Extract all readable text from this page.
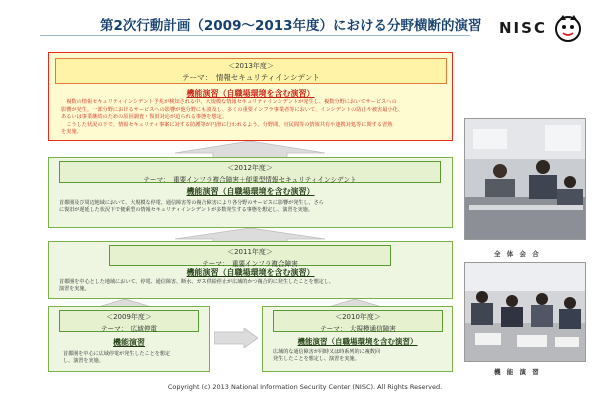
第2次行動計画（2009～2013年度）における分野横断的演習 NISC
＜2013年度＞
テーマ：　情報セキュリティインシデント
機能演習（自職場環境を含む演習）
　複数の情報セキュリティインシデント予兆が検知される中、大規模な情報セキュリティインシデントが発生し、複数分野においてサービスへの
影響が発生。一部分野におけるサービスへの影響が他分野にも波及し、多くの重要インフラ事業者等において、インシデントの防止や被害最小化、
あるいは事業継続のための原因調査・復旧対応が迫られる事態を想定。
　こうした状況の下で、情報セキュリティ事案に対する防護等が円滑に行われるよう、分野間、官民間等の情報共有や連携対処等に関する習熟
を実施。
＜2012年度＞
テーマ：　重要インフラ複合障害＋便乗型情報セキュリティインシデント
機能演習（自職場環境を含む演習）
首都圏及び周辺地域において、大規模な停電、通信障害等の複合障害により各分野のサービスに影響が発生し、さら
に復旧が遅延した状況下で便乗型の情報セキュリティインシデントが多数発生する事態を想定し、演習を実施。
＜2011年度＞
テーマ：　重要インフラ複合障害
機能演習（自職場環境を含む演習）
首都圏を中心とした地域において、停電、通信障害、断水、ガス供給停止が広域的かつ複合的に発生したことを想定し、
演習を実施。
＜2009年度＞
テーマ：　広域停電
機能演習
首都圏を中心に広域停電が発生したことを想定
し、演習を実施。
＜2010年度＞
テーマ：　大規模通信障害
機能演習（自職場環境を含む演習）
広域的な通信障害が同時又は時系列的に複数回
発生したことを想定し、演習を実施。
全 体 会 合
機 能 演 習
Copyright (c) 2013 National Information Security Center (NISC). All Rights Reserved.
